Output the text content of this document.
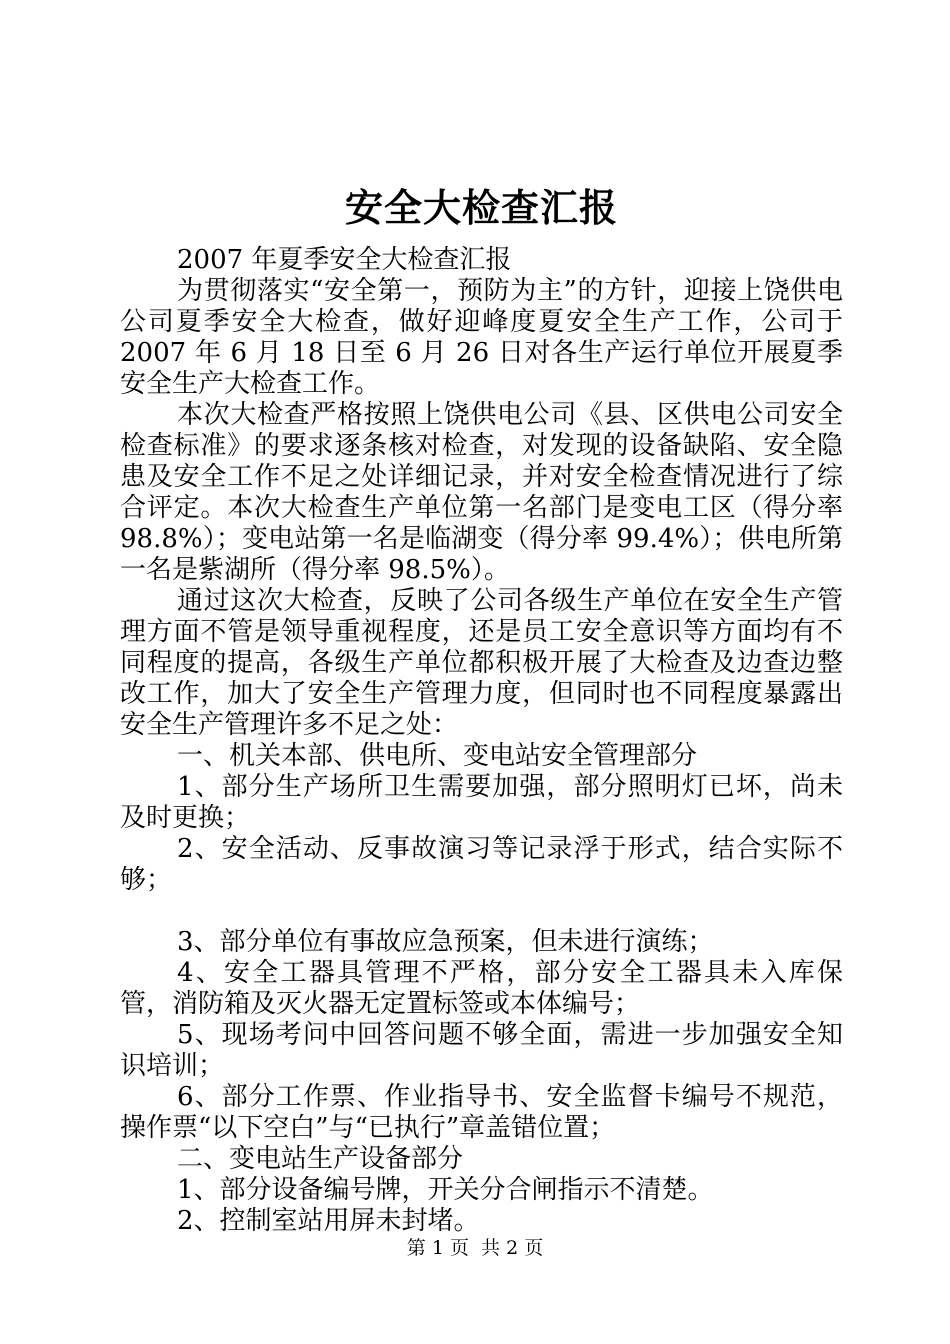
安全大检查汇报

2007 年夏季安全大检查汇报

为贯彻落实“安全第一，预防为主”的方针，迎接上饶供电公司夏季安全大检查，做好迎峰度夏安全生产工作，公司于 2007 年 6 月 18 日至 6 月 26 日对各生产运行单位开展夏季安全生产大检查工作。

本次大检查严格按照上饶供电公司《县、区供电公司安全检查标准》的要求逐条核对检查，对发现的设备缺陷、安全隐患及安全工作不足之处详细记录，并对安全检查情况进行了综合评定。本次大检查生产单位第一名部门是变电工区（得分率 98.8%）；变电站第一名是临湖变（得分率 99.4%）；供电所第一名是紫湖所（得分率 98.5%）。

通过这次大检查，反映了公司各级生产单位在安全生产管理方面不管是领导重视程度，还是员工安全意识等方面均有不同程度的提高，各级生产单位都积极开展了大检查及边查边整改工作，加大了安全生产管理力度，但同时也不同程度暴露出安全生产管理许多不足之处：

一、机关本部、供电所、变电站安全管理部分

1、部分生产场所卫生需要加强，部分照明灯已坏，尚未及时更换；

2、安全活动、反事故演习等记录浮于形式，结合实际不够；

3、部分单位有事故应急预案，但未进行演练；

4、安全工器具管理不严格，部分安全工器具未入库保管，消防箱及灭火器无定置标签或本体编号；

5、现场考问中回答问题不够全面，需进一步加强安全知识培训；

6、部分工作票、作业指导书、安全监督卡编号不规范，操作票“以下空白”与“已执行”章盖错位置；

二、变电站生产设备部分

1、部分设备编号牌，开关分合闸指示不清楚。

2、控制室站用屏未封堵。

第 1 页  共 2 页
